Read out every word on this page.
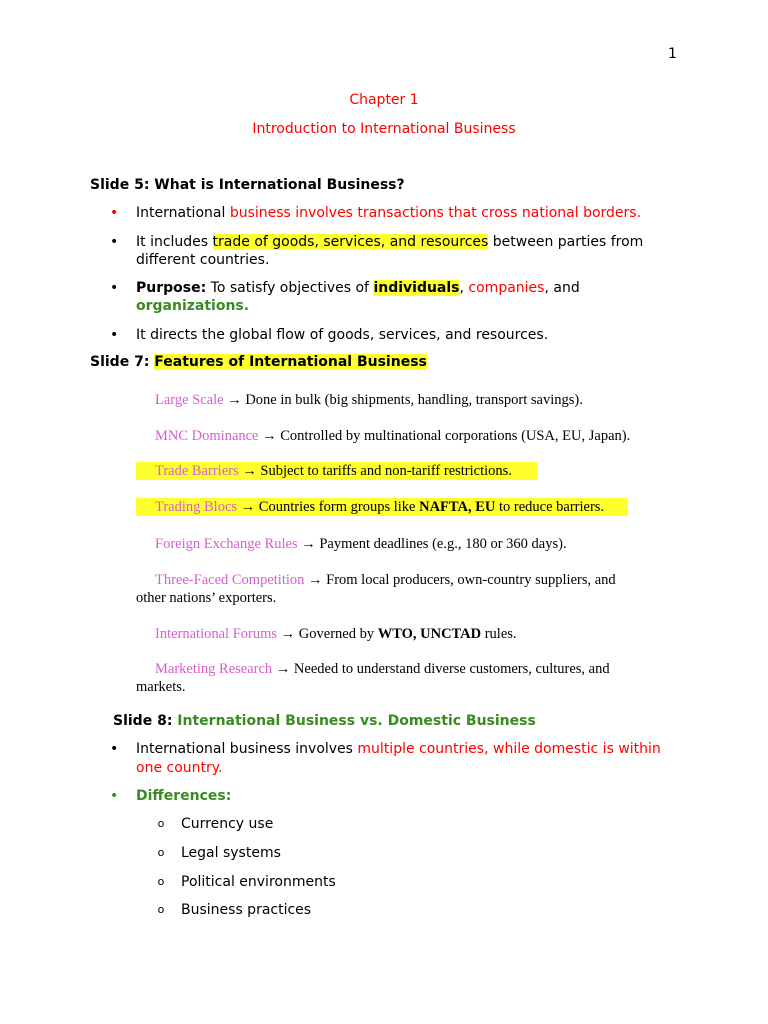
1
Chapter 1
Introduction to International Business
Slide 5: What is International Business?
• International business involves transactions that cross national borders.
• It includes trade of goods, services, and resources between parties from
different countries.
• Purpose: To satisfy objectives of individuals, companies, and
organizations.
• It directs the global flow of goods, services, and resources.
Slide 7: Features of International Business
Large Scale → Done in bulk (big shipments, handling, transport savings).
MNC Dominance → Controlled by multinational corporations (USA, EU, Japan).
Trade Barriers → Subject to tariffs and non-tariff restrictions.
Trading Blocs → Countries form groups like NAFTA, EU to reduce barriers.
Foreign Exchange Rules → Payment deadlines (e.g., 180 or 360 days).
Three-Faced Competition → From local producers, own-country suppliers, and
other nations’ exporters.
International Forums → Governed by WTO, UNCTAD rules.
Marketing Research → Needed to understand diverse customers, cultures, and
markets.
Slide 8: International Business vs. Domestic Business
• International business involves multiple countries, while domestic is within
one country.
• Differences:
o Currency use
o Legal systems
o Political environments
o Business practices
